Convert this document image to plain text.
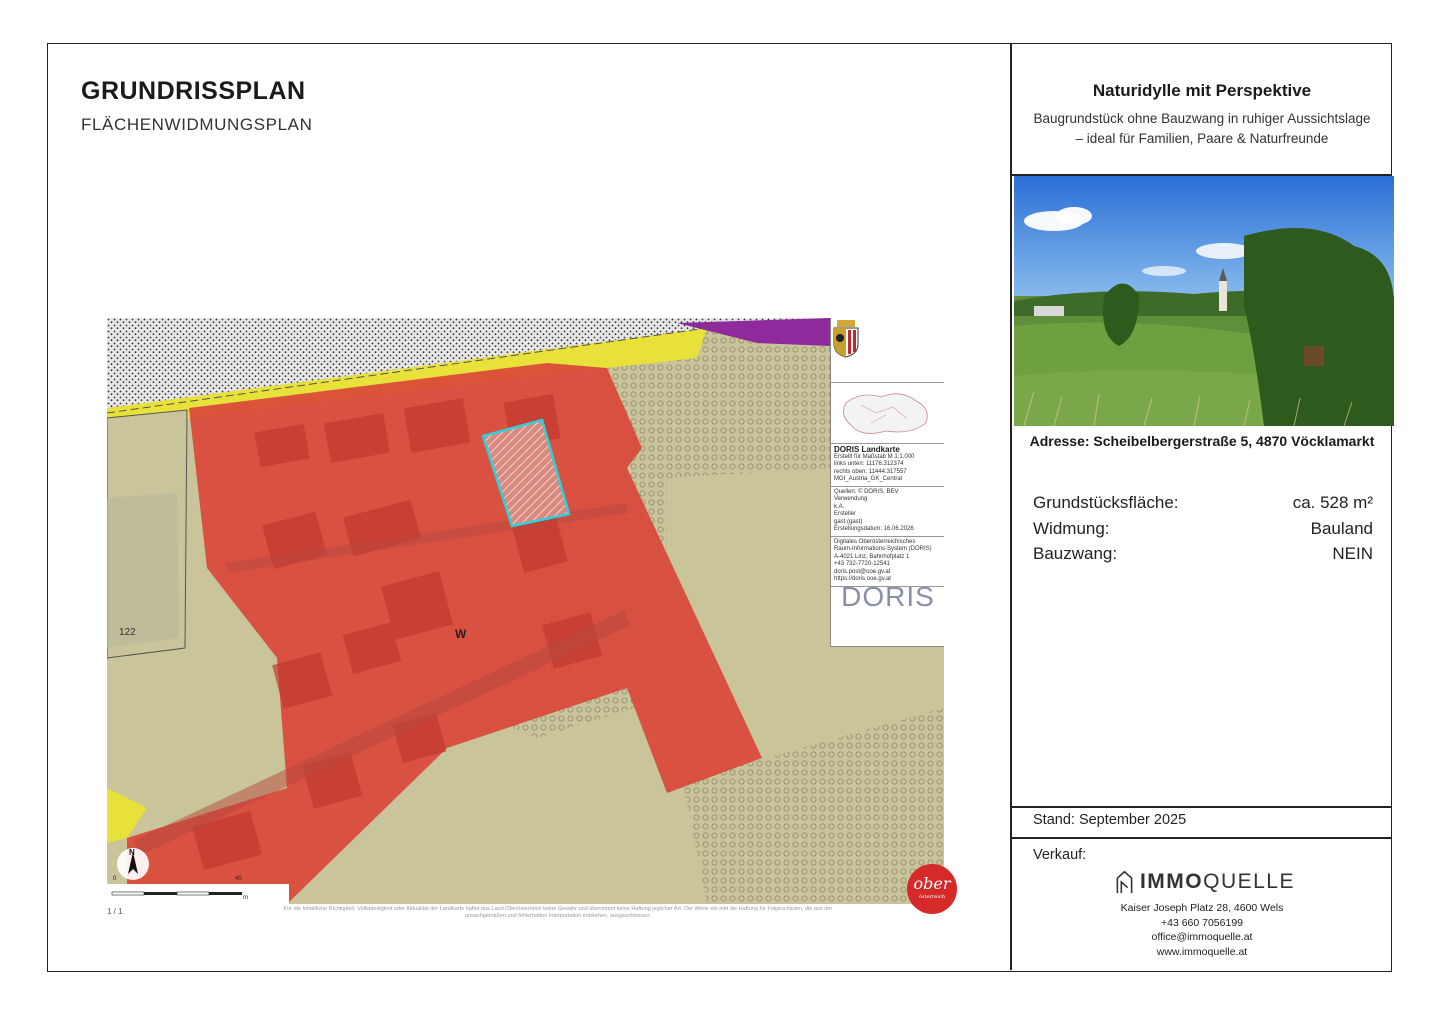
GRUNDRISSPLAN
FLÄCHENWIDMUNGSPLAN
W
122
0	40
m
N
DORIS Landkarte
Erstellt für Maßstab M 1:1.000
links unten: 11176.312374
rechts oben: 11444.317557
MGI_Austria_GK_Central
Quellen: © DORIS, BEV
Verwendung
k.A.
Ersteller
gast (gast)
Erstellungsdatum: 16.06.2026
Digitales Oberösterreichisches
Raum-Informations-System (DORIS)
A-4021 Linz, Bahnhofplatz 1
+43 732-7720-12541
doris.post@ooe.gv.at
https://doris.ooe.gv.at
DORIS
1 / 1	Für die Inhaltliche Richtigkeit, Vollständigkeit oder Aktualität der Landkarte haftet das Land Oberösterreich keine Gewähr und übernimmt keine Haftung jeglicher Art. Der Werte ein lebt die Haftung für Folgeschäden, die aus der unsachgemäßen und fehlerhaften Interpretation entstehen, ausgeschlossen.
ober
österreich
Naturidylle mit Perspektive
Baugrundstück ohne Bauzwang in ruhiger Aussichtslage
– ideal für Familien, Paare & Naturfreunde
Adresse: Scheibelbergerstraße 5, 4870 Vöcklamarkt
Grundstücksfläche:	ca. 528 m²
Widmung:	Bauland
Bauzwang:	NEIN
Stand: September 2025
Verkauf:
IMMOQUELLE
Kaiser Joseph Platz 28, 4600 Wels
+43 660 7056199
office@immoquelle.at
www.immoquelle.at
